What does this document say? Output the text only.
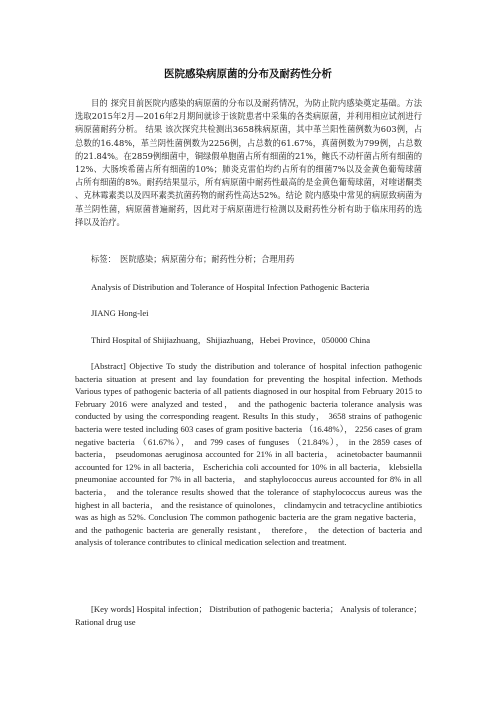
医院感染病原菌的分布及耐药性分析

目的 探究目前医院内感染的病原菌的分布以及耐药情况，为防止院内感染奠定基础。方法 选取2015年2月—2016年2月期间就诊于该院患者中采集的各类病原菌，并利用相应试剂进行病原菌耐药分析。 结果 该次探究共检测出3658株病原菌，其中革兰阳性菌例数为603例，占总数的16.48%，革兰阴性菌例数为2256例，占总数的61.67%，真菌例数为799例，占总数的21.84%。在2859例细菌中，铜绿假单胞菌占所有细菌的21%，鲍氏不动杆菌占所有细菌的12%、大肠埃希菌占所有细菌的10%；肺炎克雷伯均约占所有的细菌7%以及金黄色葡萄球菌占所有细菌的8%。耐药结果显示，所有病原菌中耐药性最高的是金黄色葡萄球菌，对喹诺酮类 、克林霉素类以及四环素类抗菌药物的耐药性高达52%。结论 院内感染中常见的病原致病菌为革兰阴性菌，病原菌普遍耐药，因此对于病原菌进行检测以及耐药性分析有助于临床用药的选择以及治疗。

标签：　医院感染；病原菌分布；耐药性分析；合理用药

Analysis of Distribution and Tolerance of Hospital Infection Pathogenic Bacteria

JIANG Hong-lei

Third Hospital of Shijiazhuang，Shijiazhuang，Hebei Province，050000 China

[Abstract] Objective To study the distribution and tolerance of hospital infection pathogenic bacteria situation at present and lay foundation for preventing the hospital infection. Methods Various types of pathogenic bacteria of all patients diagnosed in our hospital from February 2015 to February 2016 were analyzed and tested， and the pathogenic bacteria tolerance analysis was conducted by using the corresponding reagent. Results In this study， 3658 strains of pathogenic bacteria were tested including 603 cases of gram positive bacteria （16.48%）， 2256 cases of gram negative bacteria （61.67%）， and 799 cases of funguses （21.84%）， in the 2859 cases of bacteria， pseudomonas aeruginosa accounted for 21% in all bacteria， acinetobacter baumannii accounted for 12% in all bacteria， Escherichia coli accounted for 10% in all bacteria， klebsiella pneumoniae accounted for 7% in all bacteria， and staphylococcus aureus accounted for 8% in all bacteria， and the tolerance results showed that the tolerance of staphylococcus aureus was the highest in all bacteria， and the resistance of quinolones， clindamycin and tetracycline antibiotics was as high as 52%. Conclusion The common pathogenic bacteria are the gram negative bacteria， and the pathogenic bacteria are generally resistant， therefore， the detection of bacteria and analysis of tolerance contributes to clinical medication selection and treatment.

[Key words] Hospital infection； Distribution of pathogenic bacteria； Analysis of tolerance； Rational drug use
